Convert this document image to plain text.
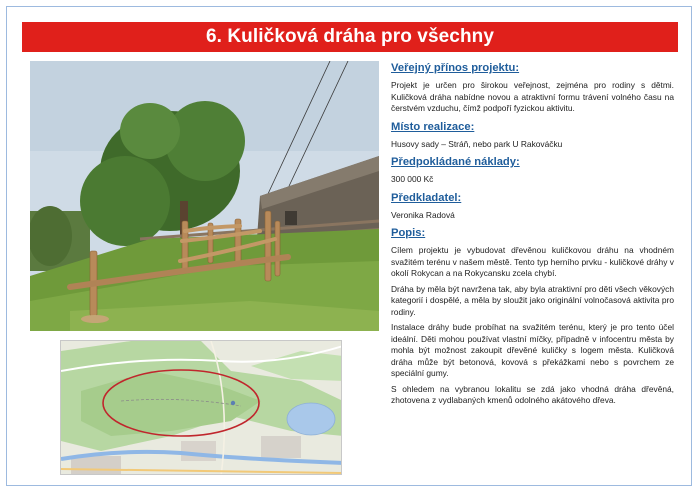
6. Kuličková dráha pro všechny
Veřejný přínos projektu:

Projekt je určen pro širokou veřejnost, zejména pro rodiny s dětmi. Kuličková dráha nabídne novou a atraktivní formu trávení volného času na čerstvém vzduchu, čímž podpoří fyzickou aktivitu.

Místo realizace:

Husovy sady – Stráň, nebo park U Rakováčku

Předpokládané náklady:

300 000 Kč

Předkladatel:

Veronika Radová

Popis:

Cílem projektu je vybudovat dřevěnou kuličkovou dráhu na vhodném svažitém terénu v našem městě. Tento typ herního prvku - kuličkové dráhy v okolí Rokycan a na Rokycansku zcela chybí.

Dráha by měla být navržena tak, aby byla atraktivní pro děti všech věkových kategorií i dospělé, a měla by sloužit jako originální volnočasová aktivita pro rodiny.

Instalace dráhy bude probíhat na svažitém terénu, který je pro tento účel ideální. Děti mohou používat vlastní míčky, případně v infocentru města by mohla být možnost zakoupit dřevěné kuličky s logem města. Kuličková dráha může být betonová, kovová s překážkami nebo s povrchem ze speciální gumy.

S ohledem na vybranou lokalitu se zdá jako vhodná dráha dřevěná, zhotovena z vydlabaných kmenů odolného akátového dřeva.
